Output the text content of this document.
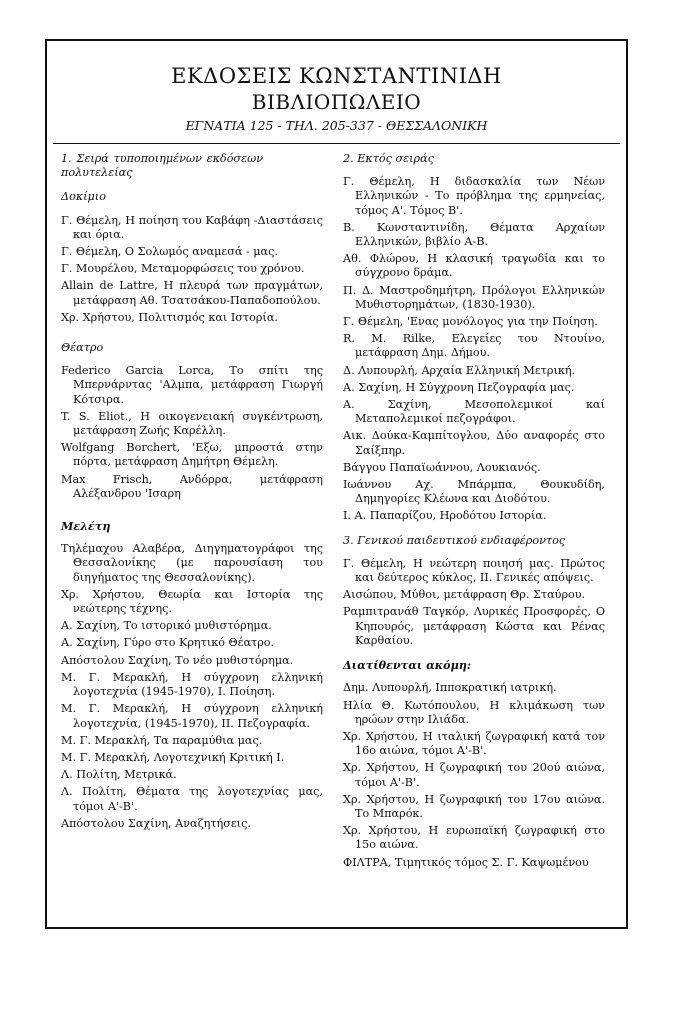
ΕΚΔΟΣΕΙΣ ΚΩΝΣΤΑΝΤΙΝΙΔΗ
ΒΙΒΛΙΟΠΩΛΕΙΟ
ΕΓΝΑΤΙΑ 125 - ΤΗΛ. 205-337 - ΘΕΣΣΑΛΟΝΙΚΗ
1. Σειρά τυποποιημένων εκδόσεων πολυτελείας
Δοκίμιο
Γ. Θέμελη, Η ποίηση του Καβάφη -Διαστάσεις και όρια.
Γ. Θέμελη, Ο Σολωμός αναμεσά - μας.
Γ. Μουρέλου, Μεταμορφώσεις του χρόνου.
Allain de Lattre, Η πλευρά των πραγμάτων, μετάφραση Αθ. Τσατσάκου-Παπαδοπούλου.
Χρ. Χρήστου, Πολιτισμός και Ιστορία.
Θέατρο
Federico Garcia Lorca, Το σπίτι της Μπερνάρντας 'Αλμπα, μετάφραση Γιωργή Κότσιρα.
T. S. Eliot., Η οικογενειακή συγκέντρωση, μετάφραση Ζωής Καρέλλη.
Wolfgang Borchert, 'Εξω, μπροστά στην πόρτα, μετάφραση Δημήτρη Θέμελη.
Max Frisch, Ανδόρρα, μετάφραση Αλέξανδρου 'Ισαρη
Μελέτη
Τηλέμαχου Αλαβέρα, Διηγηματογράφοι της Θεσσαλονίκης (με παρουσίαση του διηγήματος της Θεσσαλονίκης).
Χρ. Χρήστου, Θεωρία και Ιστορία της νεώτερης τέχνης.
Α. Σαχίνη, Το ιστορικό μυθιστόρημα.
Α. Σαχίνη, Γύρο στο Κρητικό Θέατρο.
Απόστολου Σαχίνη, Το νέο μυθιστόρημα.
Μ. Γ. Μερακλή, Η σύγχρονη ελληνική λογοτεχνία (1945-1970), Ι. Ποίηση.
Μ. Γ. Μερακλή, Η σύγχρονη ελληνική λογοτεχνία, (1945-1970), ΙΙ. Πεζογραφία.
Μ. Γ. Μερακλή, Τα παραμύθια μας.
Μ. Γ. Μερακλή, Λογοτεχνική Κριτική Ι.
Λ. Πολίτη, Μετρικά.
Λ. Πολίτη, Θέματα της λογοτεχνίας μας, τόμοι Α'-Β'.
Απόστολου Σαχίνη, Αναζητήσεις.
2. Εκτός σειράς
Γ. Θέμελη, Η διδασκαλία των Νέων Ελληνικών - Το πρόβλημα της ερμηνείας, τόμος Α'. Τόμος Β'.
Β. Κωνσταντινίδη, Θέματα Αρχαίων Ελληνικών, βιβλίο Α-Β.
Αθ. Φλώρου, Η κλασική τραγωδία και το σύγχρονο δράμα.
Π. Δ. Μαστροδημήτρη, Πρόλογοι Ελληνικών Μυθιστορημάτων, (1830-1930).
Γ. Θέμελη, 'Ενας μονόλογος για την Ποίηση.
R. M. Rilke, Ελεγείες του Ντουίνο, μετάφραση Δημ. Δήμου.
Δ. Λυπουρλή, Αρχαία Ελληνική Μετρική.
Α. Σαχίνη, Η Σύγχρονη Πεζογραφία μας.
Α. Σαχίνη, Μεσοπολεμικοί καί Μεταπολεμικοί πεζογράφοι.
Αικ. Δούκα-Καμπίτογλου, Δύο αναφορές στο Σαίξπηρ.
Βάγγου Παπαϊωάννου, Λουκιανός.
Ιωάννου Αχ. Μπάρμπα, Θουκυδίδη, Δημηγορίες Κλέωνα και Διοδότου.
Ι. Α. Παπαρίζου, Ηροδότου Ιστορία.
3. Γενικού παιδευτικού ενδιαφέροντος
Γ. Θέμελη, Η νεώτερη ποιησή μας. Πρώτος και δεύτερος κύκλος, ΙΙ. Γενικές απόψεις.
Αισώπου, Μύθοι, μετάφραση Θρ. Σταύρου.
Ραμπιτρανάθ Ταγκόρ, Λυρικές Προσφορές, Ο Κηπουρός, μετάφραση Κώστα και Ρένας Καρθαίου.
Διατίθενται ακόμη:
Δημ. Λυπουρλή, Ιπποκρατική ιατρική.
Ηλία Θ. Κωτόπουλου, Η κλιμάκωση των ηρώων στην Ιλιάδα.
Χρ. Χρήστου, Η ιταλική ζωγραφική κατά τον 16ο αιώνα, τόμοι Α'-Β'.
Χρ. Χρήστου, Η ζωγραφική του 20ού αιώνα, τόμοι Α'-Β'.
Χρ. Χρήστου, Η ζωγραφική του 17ου αιώνα. Το Μπαρόκ.
Χρ. Χρήστου, Η ευρωπαϊκή ζωγραφική στο 15ο αιώνα.
ΦΙΛΤΡΑ, Τιμητικός τόμος Σ. Γ. Καψωμένου
